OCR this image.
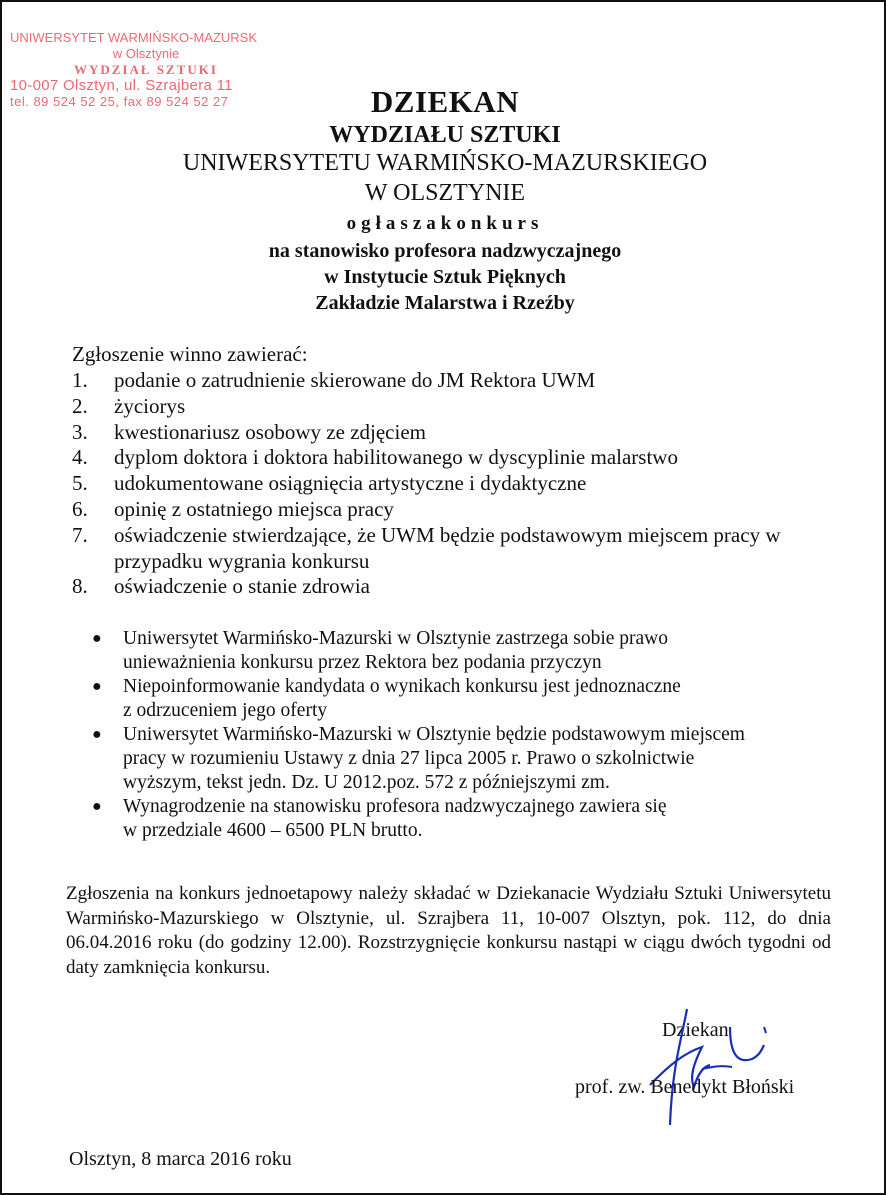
UNIWERSYTET WARMIŃSKO-MAZURSK
w Olsztynie
WYDZIAŁ SZTUKI
10-007 Olsztyn, ul. Szrajbera 11
tel. 89 524 52 25, fax 89 524 52 27	DZIEKAN
WYDZIAŁU SZTUKI
UNIWERSYTETU WARMIŃSKO-MAZURSKIEGO
W OLSZTYNIE
ogłaszakonkurs
na stanowisko profesora nadzwyczajnego
w Instytucie Sztuk Pięknych
Zakładzie Malarstwa i Rzeźby
Zgłoszenie winno zawierać:
1.	podanie o zatrudnienie skierowane do JM Rektora UWM
2.	życiorys
3.	kwestionariusz osobowy ze zdjęciem
4.	dyplom doktora i doktora habilitowanego w dyscyplinie malarstwo
5.	udokumentowane osiągnięcia artystyczne i dydaktyczne
6.	opinię z ostatniego miejsca pracy
7.	oświadczenie stwierdzające, że UWM będzie podstawowym miejscem pracy w przypadku wygrania konkursu
8.	oświadczenie o stanie zdrowia
●	Uniwersytet Warmińsko-Mazurski w Olsztynie zastrzega sobie prawo
unieważnienia konkursu przez Rektora bez podania przyczyn
●	Niepoinformowanie kandydata o wynikach konkursu jest jednoznaczne
z odrzuceniem jego oferty
●	Uniwersytet Warmińsko-Mazurski w Olsztynie będzie podstawowym miejscem
pracy w rozumieniu Ustawy z dnia 27 lipca 2005 r. Prawo o szkolnictwie
wyższym, tekst jedn. Dz. U 2012.poz. 572 z późniejszymi zm.
●	Wynagrodzenie na stanowisku profesora nadzwyczajnego zawiera się
w przedziale 4600 – 6500 PLN brutto.
Zgłoszenia na konkurs jednoetapowy należy składać w Dziekanacie Wydziału Sztuki Uniwersytetu Warmińsko-Mazurskiego w Olsztynie, ul. Szrajbera 11, 10-007 Olsztyn, pok. 112, do dnia 06.04.2016 roku (do godziny 12.00). Rozstrzygnięcie konkursu nastąpi w ciągu dwóch tygodni od daty zamknięcia konkursu.
Dziekan
prof. zw. Benedykt Błoński
Olsztyn, 8 marca 2016 roku
